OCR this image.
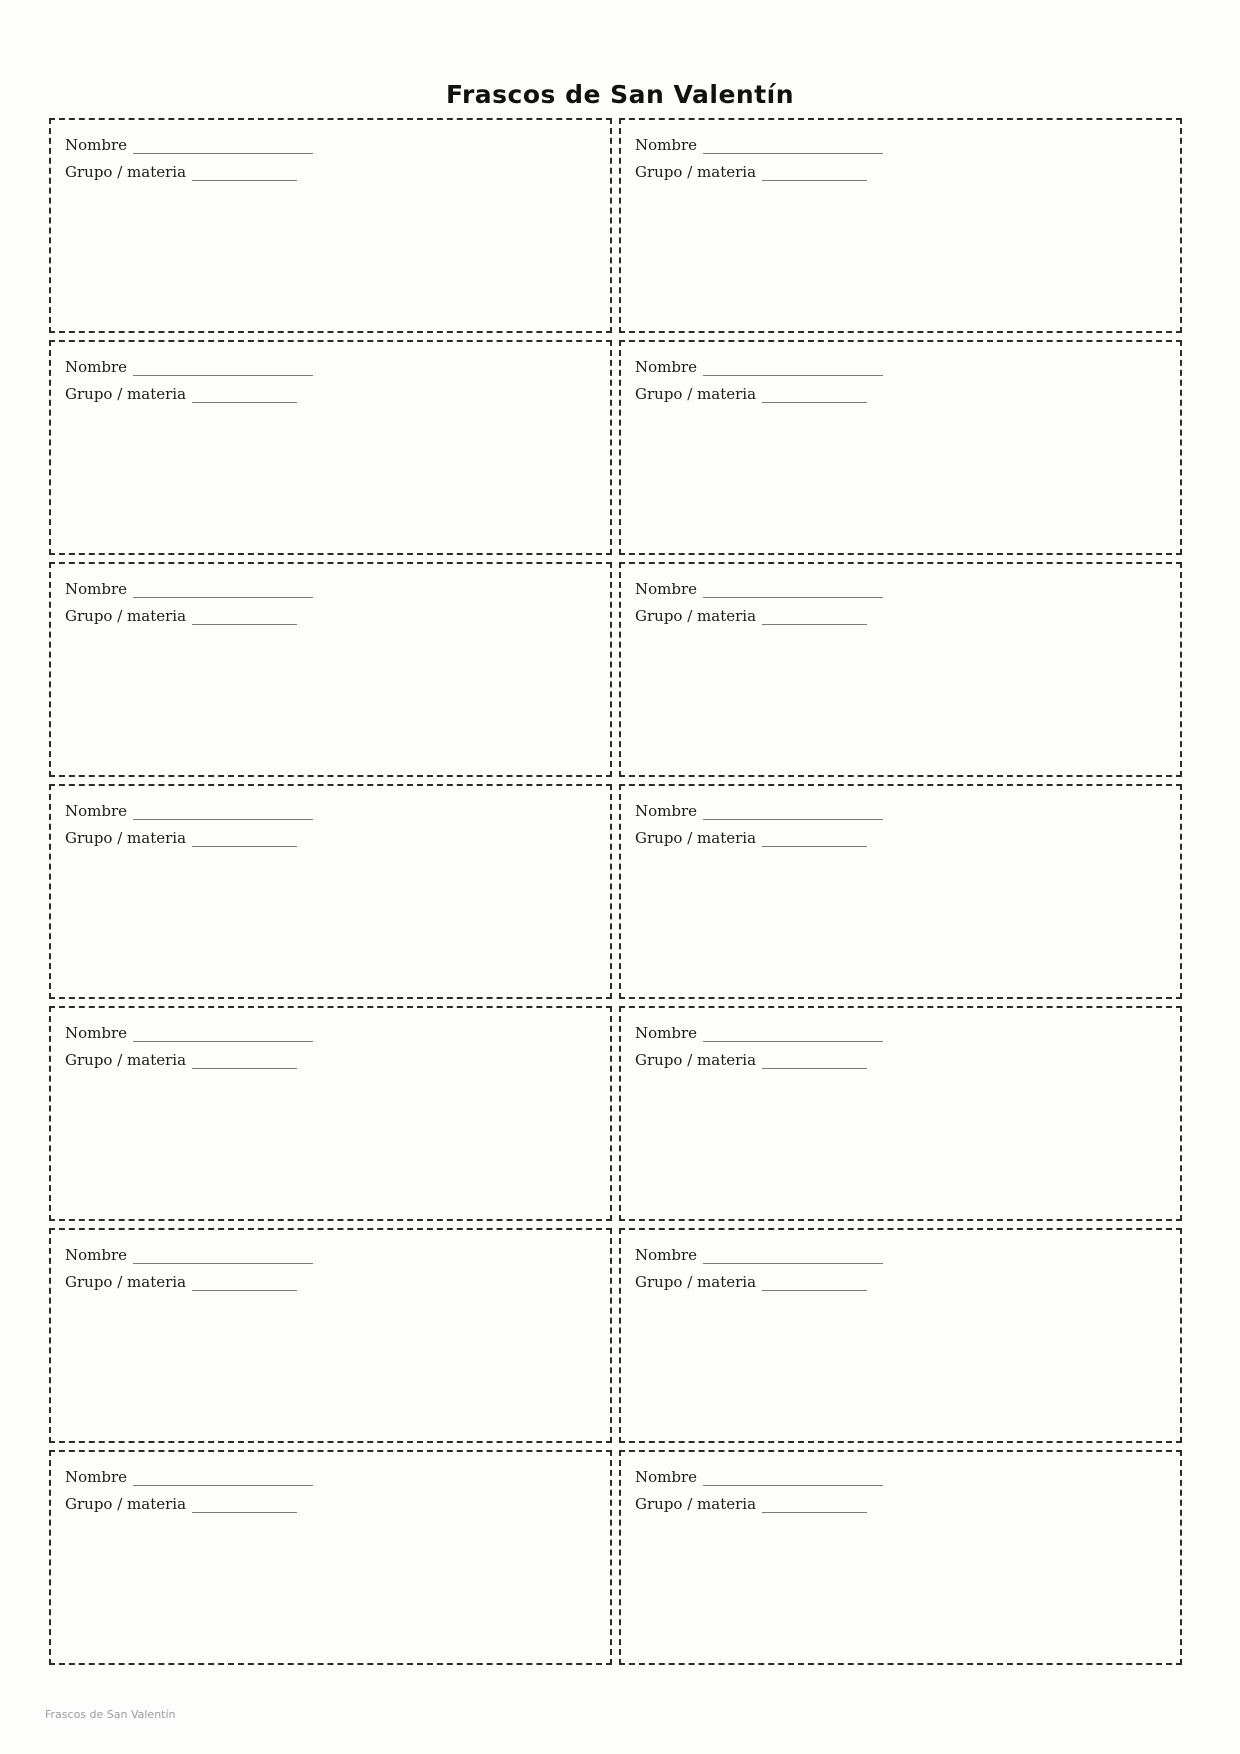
Frascos de San Valentín
Nombre ________________________
Grupo / materia ______________
Nombre ________________________
Grupo / materia ______________
Nombre ________________________
Grupo / materia ______________
Nombre ________________________
Grupo / materia ______________
Nombre ________________________
Grupo / materia ______________
Nombre ________________________
Grupo / materia ______________
Nombre ________________________
Grupo / materia ______________
Nombre ________________________
Grupo / materia ______________
Nombre ________________________
Grupo / materia ______________
Nombre ________________________
Grupo / materia ______________
Nombre ________________________
Grupo / materia ______________
Nombre ________________________
Grupo / materia ______________
Nombre ________________________
Grupo / materia ______________
Nombre ________________________
Grupo / materia ______________
Frascos de San Valentín
